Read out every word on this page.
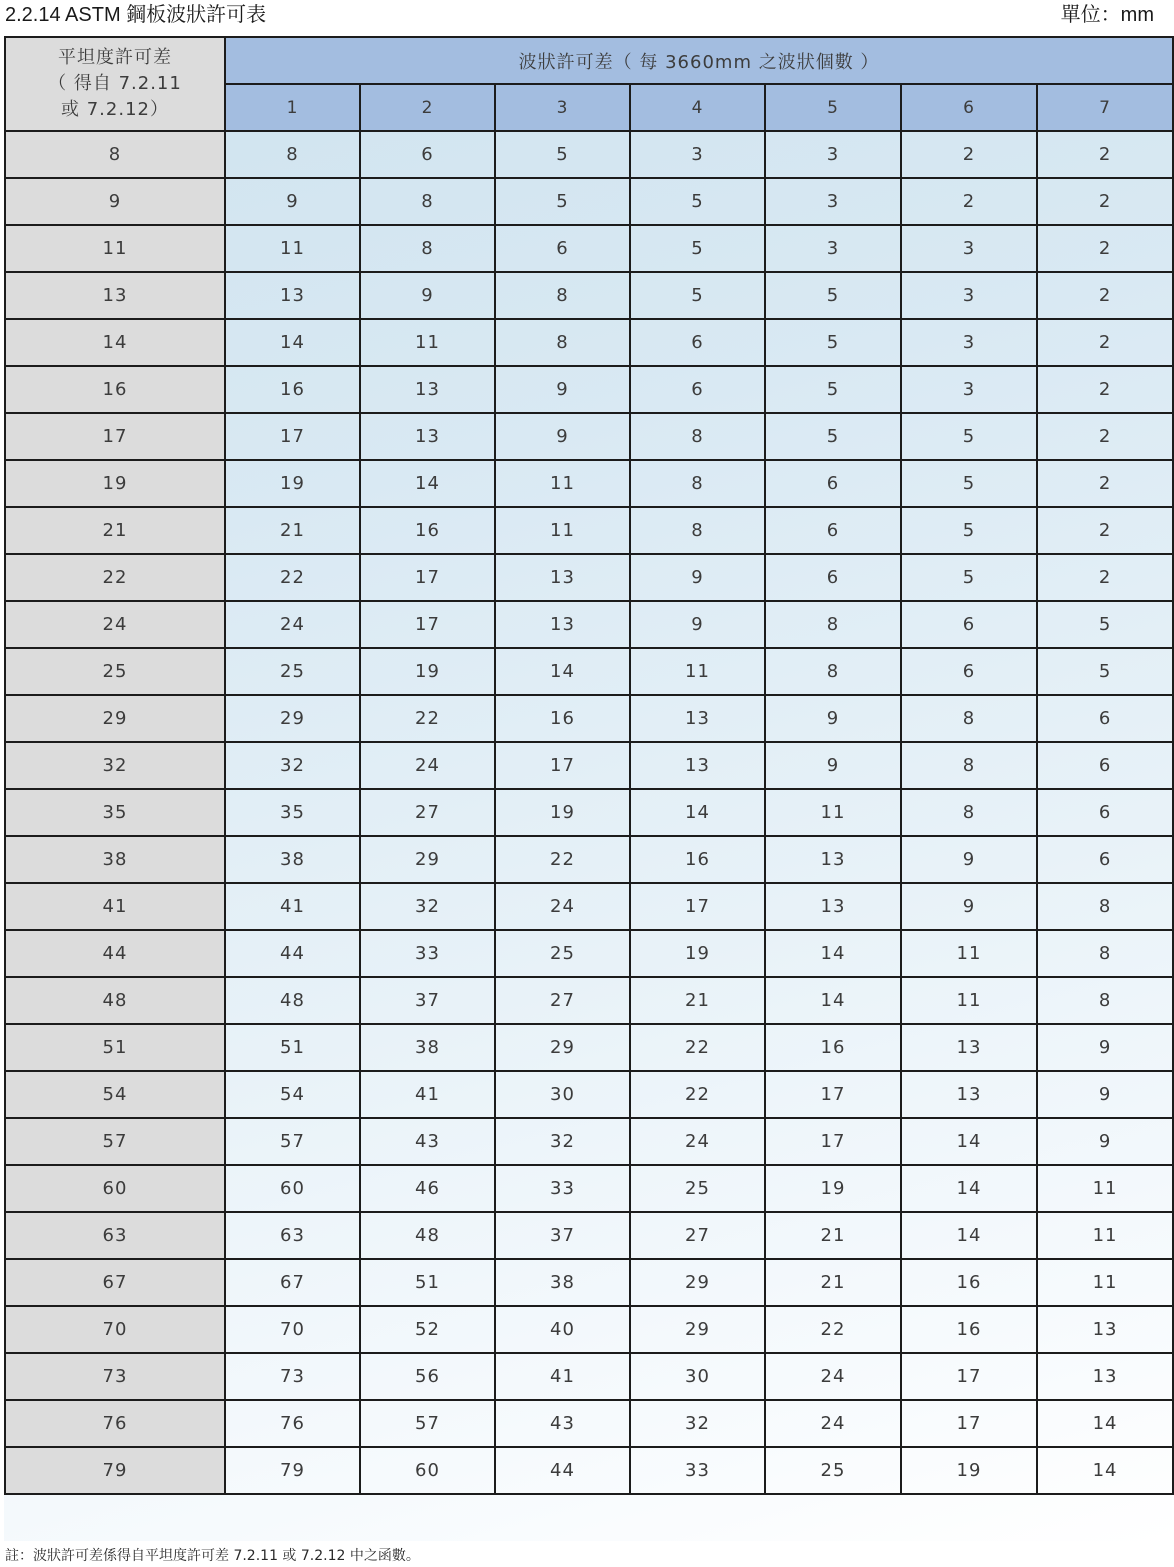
2.2.14 ASTM 鋼板波狀許可表	單位：mm
平坦度許可差
（ 得自 7.2.11
或 7.2.12）	波狀許可差（ 每 3660mm 之波狀個數 ）						
	1	2	3	4	5	6	7
8	8	6	5	3	3	2	2
9	9	8	5	5	3	2	2
11	11	8	6	5	3	3	2
13	13	9	8	5	5	3	2
14	14	11	8	6	5	3	2
16	16	13	9	6	5	3	2
17	17	13	9	8	5	5	2
19	19	14	11	8	6	5	2
21	21	16	11	8	6	5	2
22	22	17	13	9	6	5	2
24	24	17	13	9	8	6	5
25	25	19	14	11	8	6	5
29	29	22	16	13	9	8	6
32	32	24	17	13	9	8	6
35	35	27	19	14	11	8	6
38	38	29	22	16	13	9	6
41	41	32	24	17	13	9	8
44	44	33	25	19	14	11	8
48	48	37	27	21	14	11	8
51	51	38	29	22	16	13	9
54	54	41	30	22	17	13	9
57	57	43	32	24	17	14	9
60	60	46	33	25	19	14	11
63	63	48	37	27	21	14	11
67	67	51	38	29	21	16	11
70	70	52	40	29	22	16	13
73	73	56	41	30	24	17	13
76	76	57	43	32	24	17	14
79	79	60	44	33	25	19	14
註：波狀許可差係得自平坦度許可差 7.2.11 或 7.2.12 中之函數。
